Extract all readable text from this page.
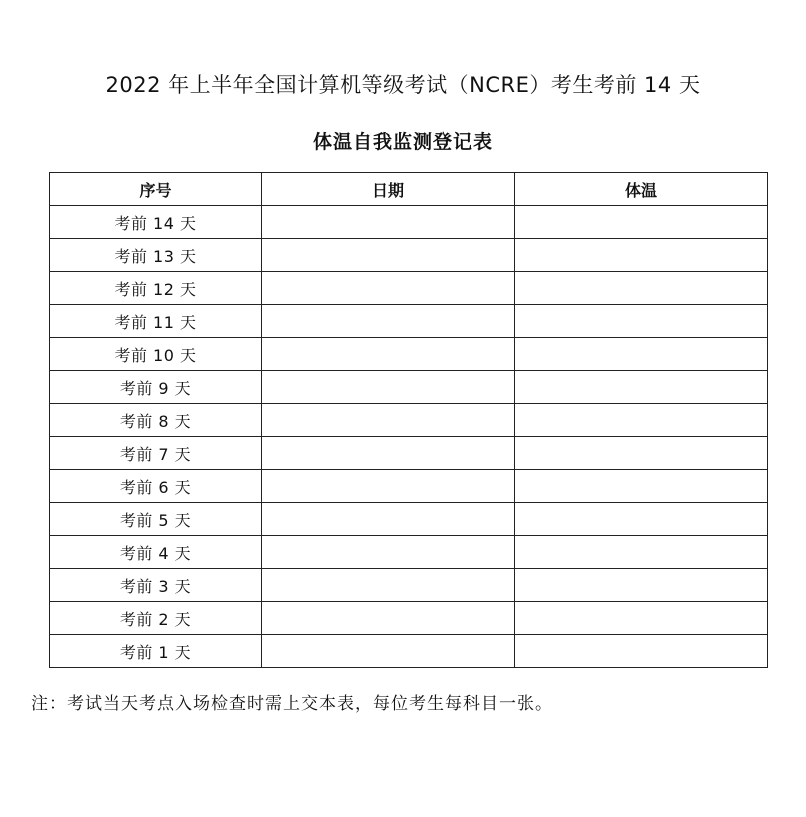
2022 年上半年全国计算机等级考试（NCRE）考生考前 14 天
体温自我监测登记表
序号	日期	体温
考前 14 天		
考前 13 天		
考前 12 天		
考前 11 天		
考前 10 天		
考前 9 天		
考前 8 天		
考前 7 天		
考前 6 天		
考前 5 天		
考前 4 天		
考前 3 天		
考前 2 天		
考前 1 天		
注：考试当天考点入场检查时需上交本表，每位考生每科目一张。
